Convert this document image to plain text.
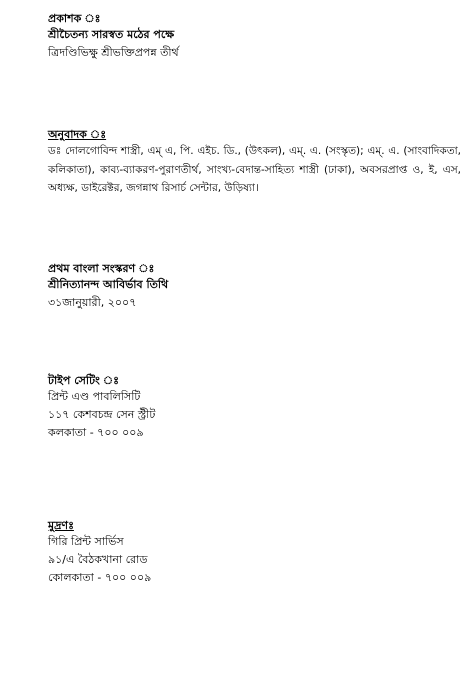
প্রকাশক ঃ
শ্রীচৈতন্য সারস্বত মঠের পক্ষে
ত্রিদণ্ডিভিক্ষু শ্রীভক্তিপ্রপন্ন তীর্থ
অনুবাদক ঃ
ডঃ দোলগোবিন্দ শাস্ত্রী, এম্ এ, পি. এইচ. ডি., (উৎকল), এম্. এ. (সংস্কৃত); এম্. এ. (সাংবাদিকতা, কলিকাতা), কাব্য-ব্যাকরণ-পুরাণতীর্থ, সাংখ্য-বেদান্ত-সাহিত্য শাস্ত্রী (ঢাকা), অবসরপ্রাপ্ত ও, ই, এস, অধ্যক্ষ, ডাইরেক্টর, জগন্নাথ রিসার্চ সেন্টার, উড়িষ্যা।
প্রথম বাংলা সংস্করণ ঃ
শ্রীনিত্যানন্দ আবির্ভাব তিথি
৩১জানুয়ারী, ২০০৭
টাইপ সেটিং ঃ
প্রিন্ট এণ্ড পাবলিসিটি
১১৭ কেশবচন্দ্র সেন স্ট্রীট
কলকাতা - ৭০০ ০০৯
মুদ্রণঃ
গিরি প্রিন্ট সার্ভিস
৯১/এ বৈঠকখানা রোড
কোলকাতা - ৭০০ ০০৯
